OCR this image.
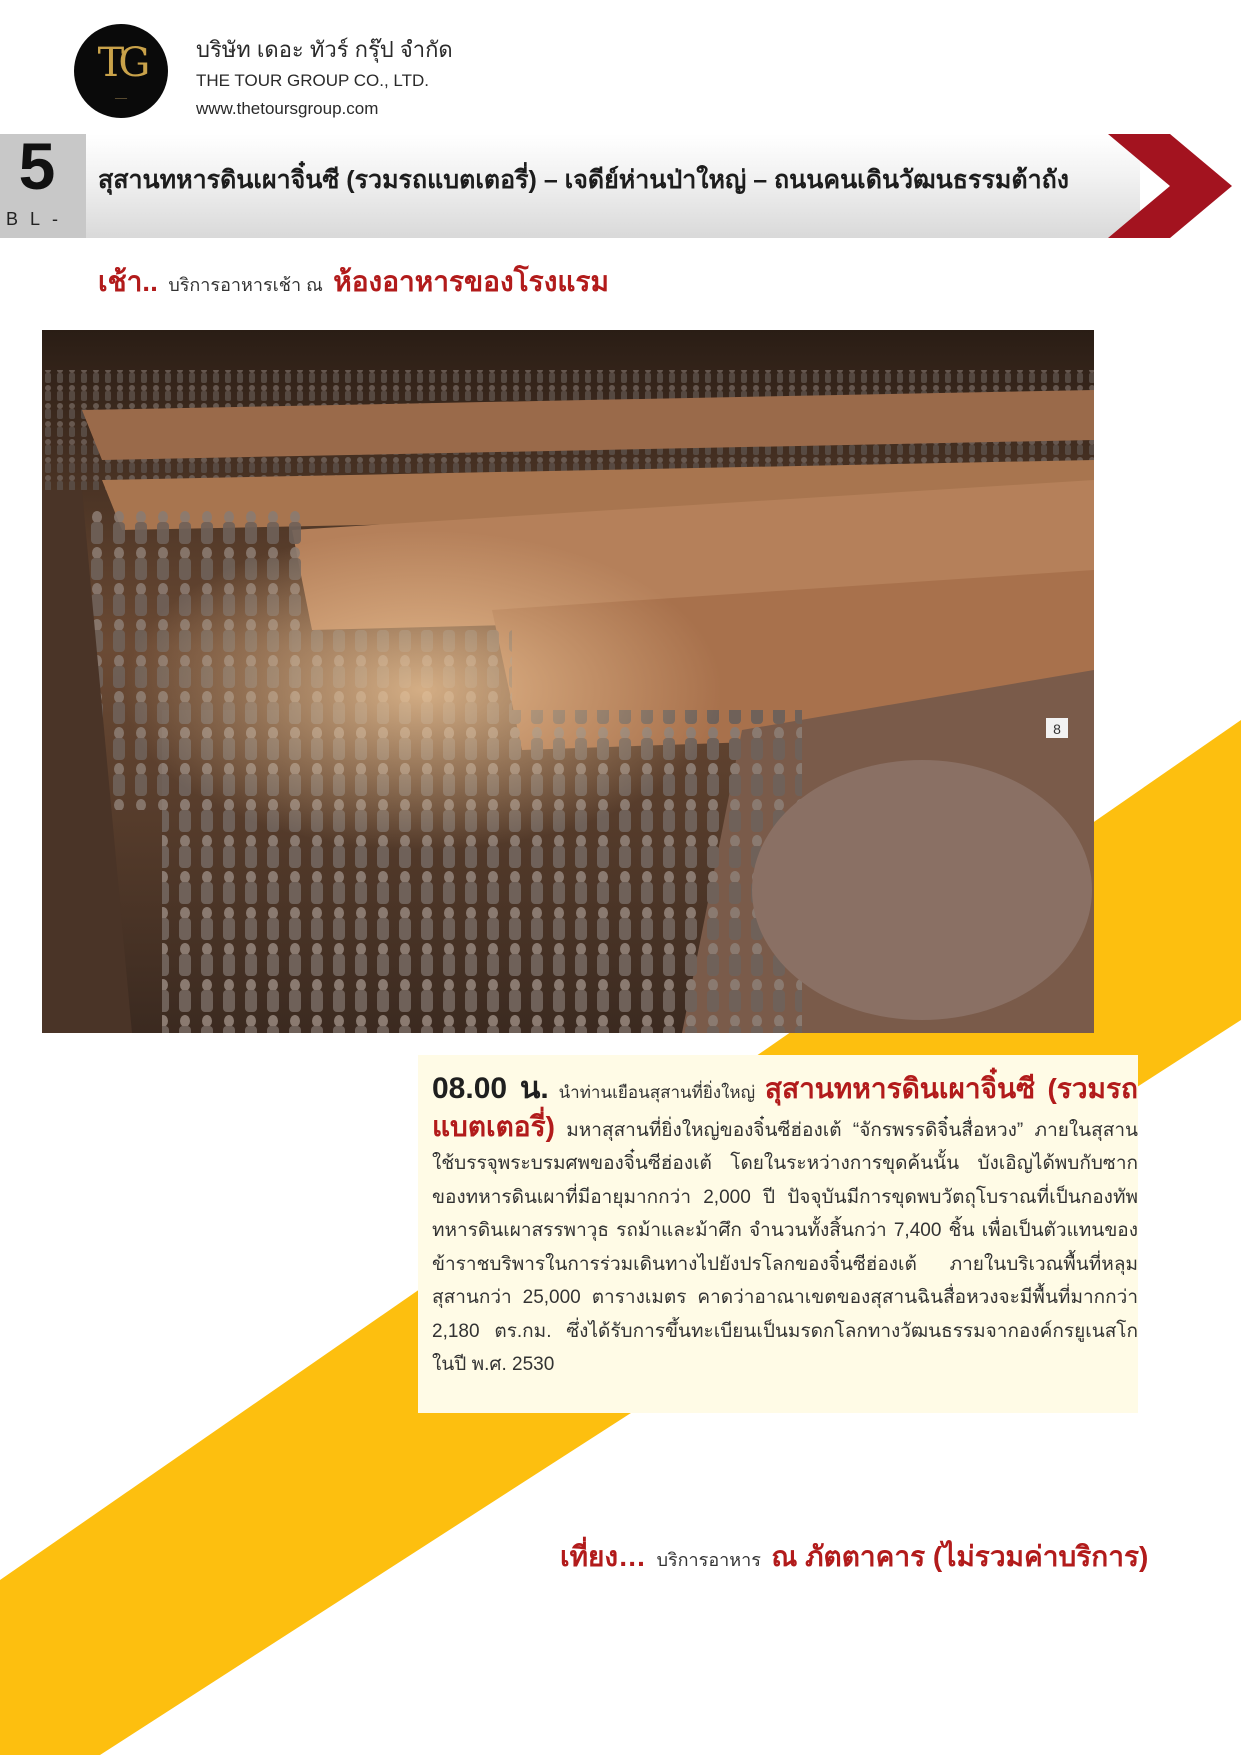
TG
────
บริษัท เดอะ ทัวร์ กรุ๊ป จำกัด
THE TOUR GROUP CO., LTD.
www.thetoursgroup.com
5
BL-
สุสานทหารดินเผาจิ๋นซี (รวมรถแบตเตอรี่) – เจดีย์ห่านป่าใหญ่ – ถนนคนเดินวัฒนธรรมต้าถัง
เช้า.. บริการอาหารเช้า ณ ห้องอาหารของโรงแรม
8
08.00 น. นำท่านเยือนสุสานที่ยิ่งใหญ่ สุสานทหารดินเผาจิ๋นซี (รวมรถแบตเตอรี่) มหาสุสานที่ยิ่งใหญ่ของจิ๋นซีฮ่องเต้ “จักรพรรดิจิ๋นสื่อหวง” ภายในสุสานใช้บรรจุพระบรมศพของจิ๋นซีฮ่องเต้ โดยในระหว่างการขุดค้นนั้น บังเอิญได้พบกับซากของทหารดินเผาที่มีอายุมากกว่า 2,000 ปี ปัจจุบันมีการขุดพบวัตถุโบราณที่เป็นกองทัพทหารดินเผาสรรพาวุธ รถม้าและม้าศึก จำนวนทั้งสิ้นกว่า 7,400 ชิ้น เพื่อเป็นตัวแทนของข้าราชบริพารในการร่วมเดินทางไปยังปรโลกของจิ๋นซีฮ่องเต้ ภายในบริเวณพื้นที่หลุมสุสานกว่า 25,000 ตารางเมตร คาดว่าอาณาเขตของสุสานฉินสื่อหวงจะมีพื้นที่มากกว่า 2,180 ตร.กม. ซึ่งได้รับการขึ้นทะเบียนเป็นมรดกโลกทางวัฒนธรรมจากองค์กรยูเนสโกในปี พ.ศ. 2530
เที่ยง… บริการอาหาร ณ ภัตตาคาร (ไม่รวมค่าบริการ)
